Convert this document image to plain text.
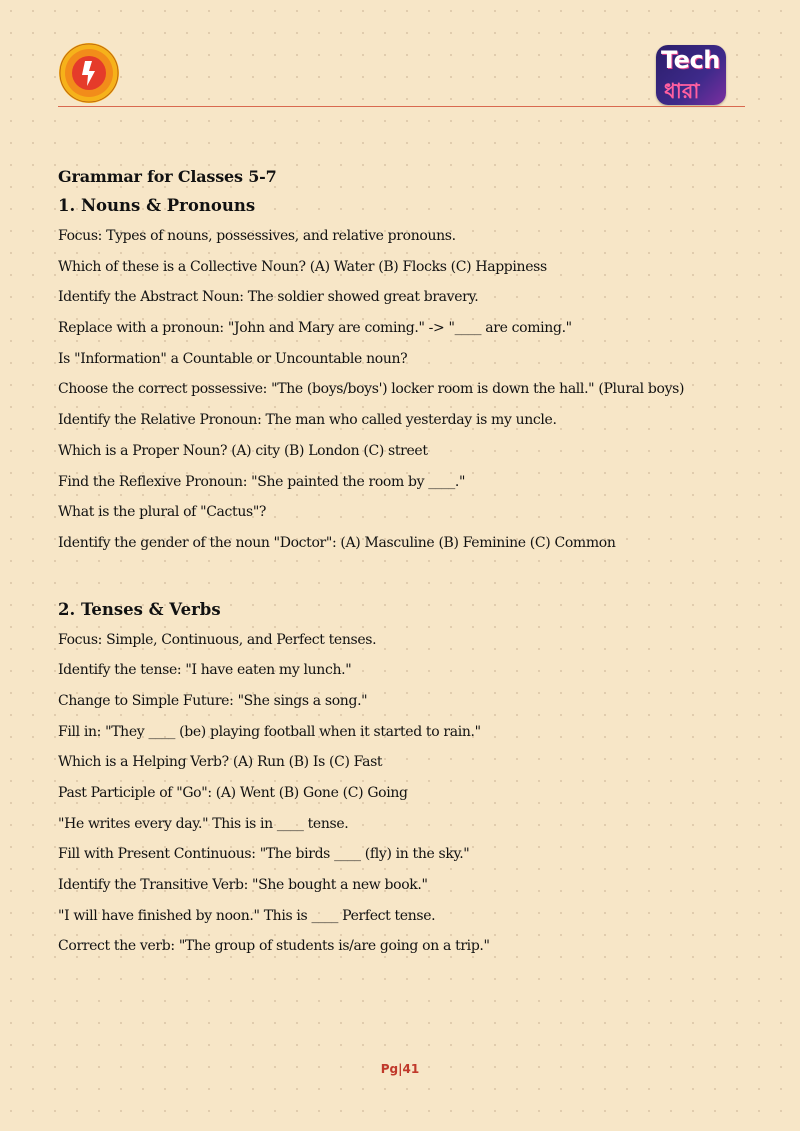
Tech
ধারা
Grammar for Classes 5-7
1. Nouns & Pronouns

Focus: Types of nouns, possessives, and relative pronouns.

Which of these is a Collective Noun? (A) Water (B) Flocks (C) Happiness

Identify the Abstract Noun: The soldier showed great bravery.

Replace with a pronoun: "John and Mary are coming." -> "____ are coming."

Is "Information" a Countable or Uncountable noun?

Choose the correct possessive: "The (boys/boys') locker room is down the hall." (Plural boys)

Identify the Relative Pronoun: The man who called yesterday is my uncle.

Which is a Proper Noun? (A) city (B) London (C) street

Find the Reflexive Pronoun: "She painted the room by ____."

What is the plural of "Cactus"?

Identify the gender of the noun "Doctor": (A) Masculine (B) Feminine (C) Common

2. Tenses & Verbs

Focus: Simple, Continuous, and Perfect tenses.

Identify the tense: "I have eaten my lunch."

Change to Simple Future: "She sings a song."

Fill in: "They ____ (be) playing football when it started to rain."

Which is a Helping Verb? (A) Run (B) Is (C) Fast

Past Participle of "Go": (A) Went (B) Gone (C) Going

"He writes every day." This is in ____ tense.

Fill with Present Continuous: "The birds ____ (fly) in the sky."

Identify the Transitive Verb: "She bought a new book."

"I will have finished by noon." This is ____ Perfect tense.

Correct the verb: "The group of students is/are going on a trip."

Pg|41
